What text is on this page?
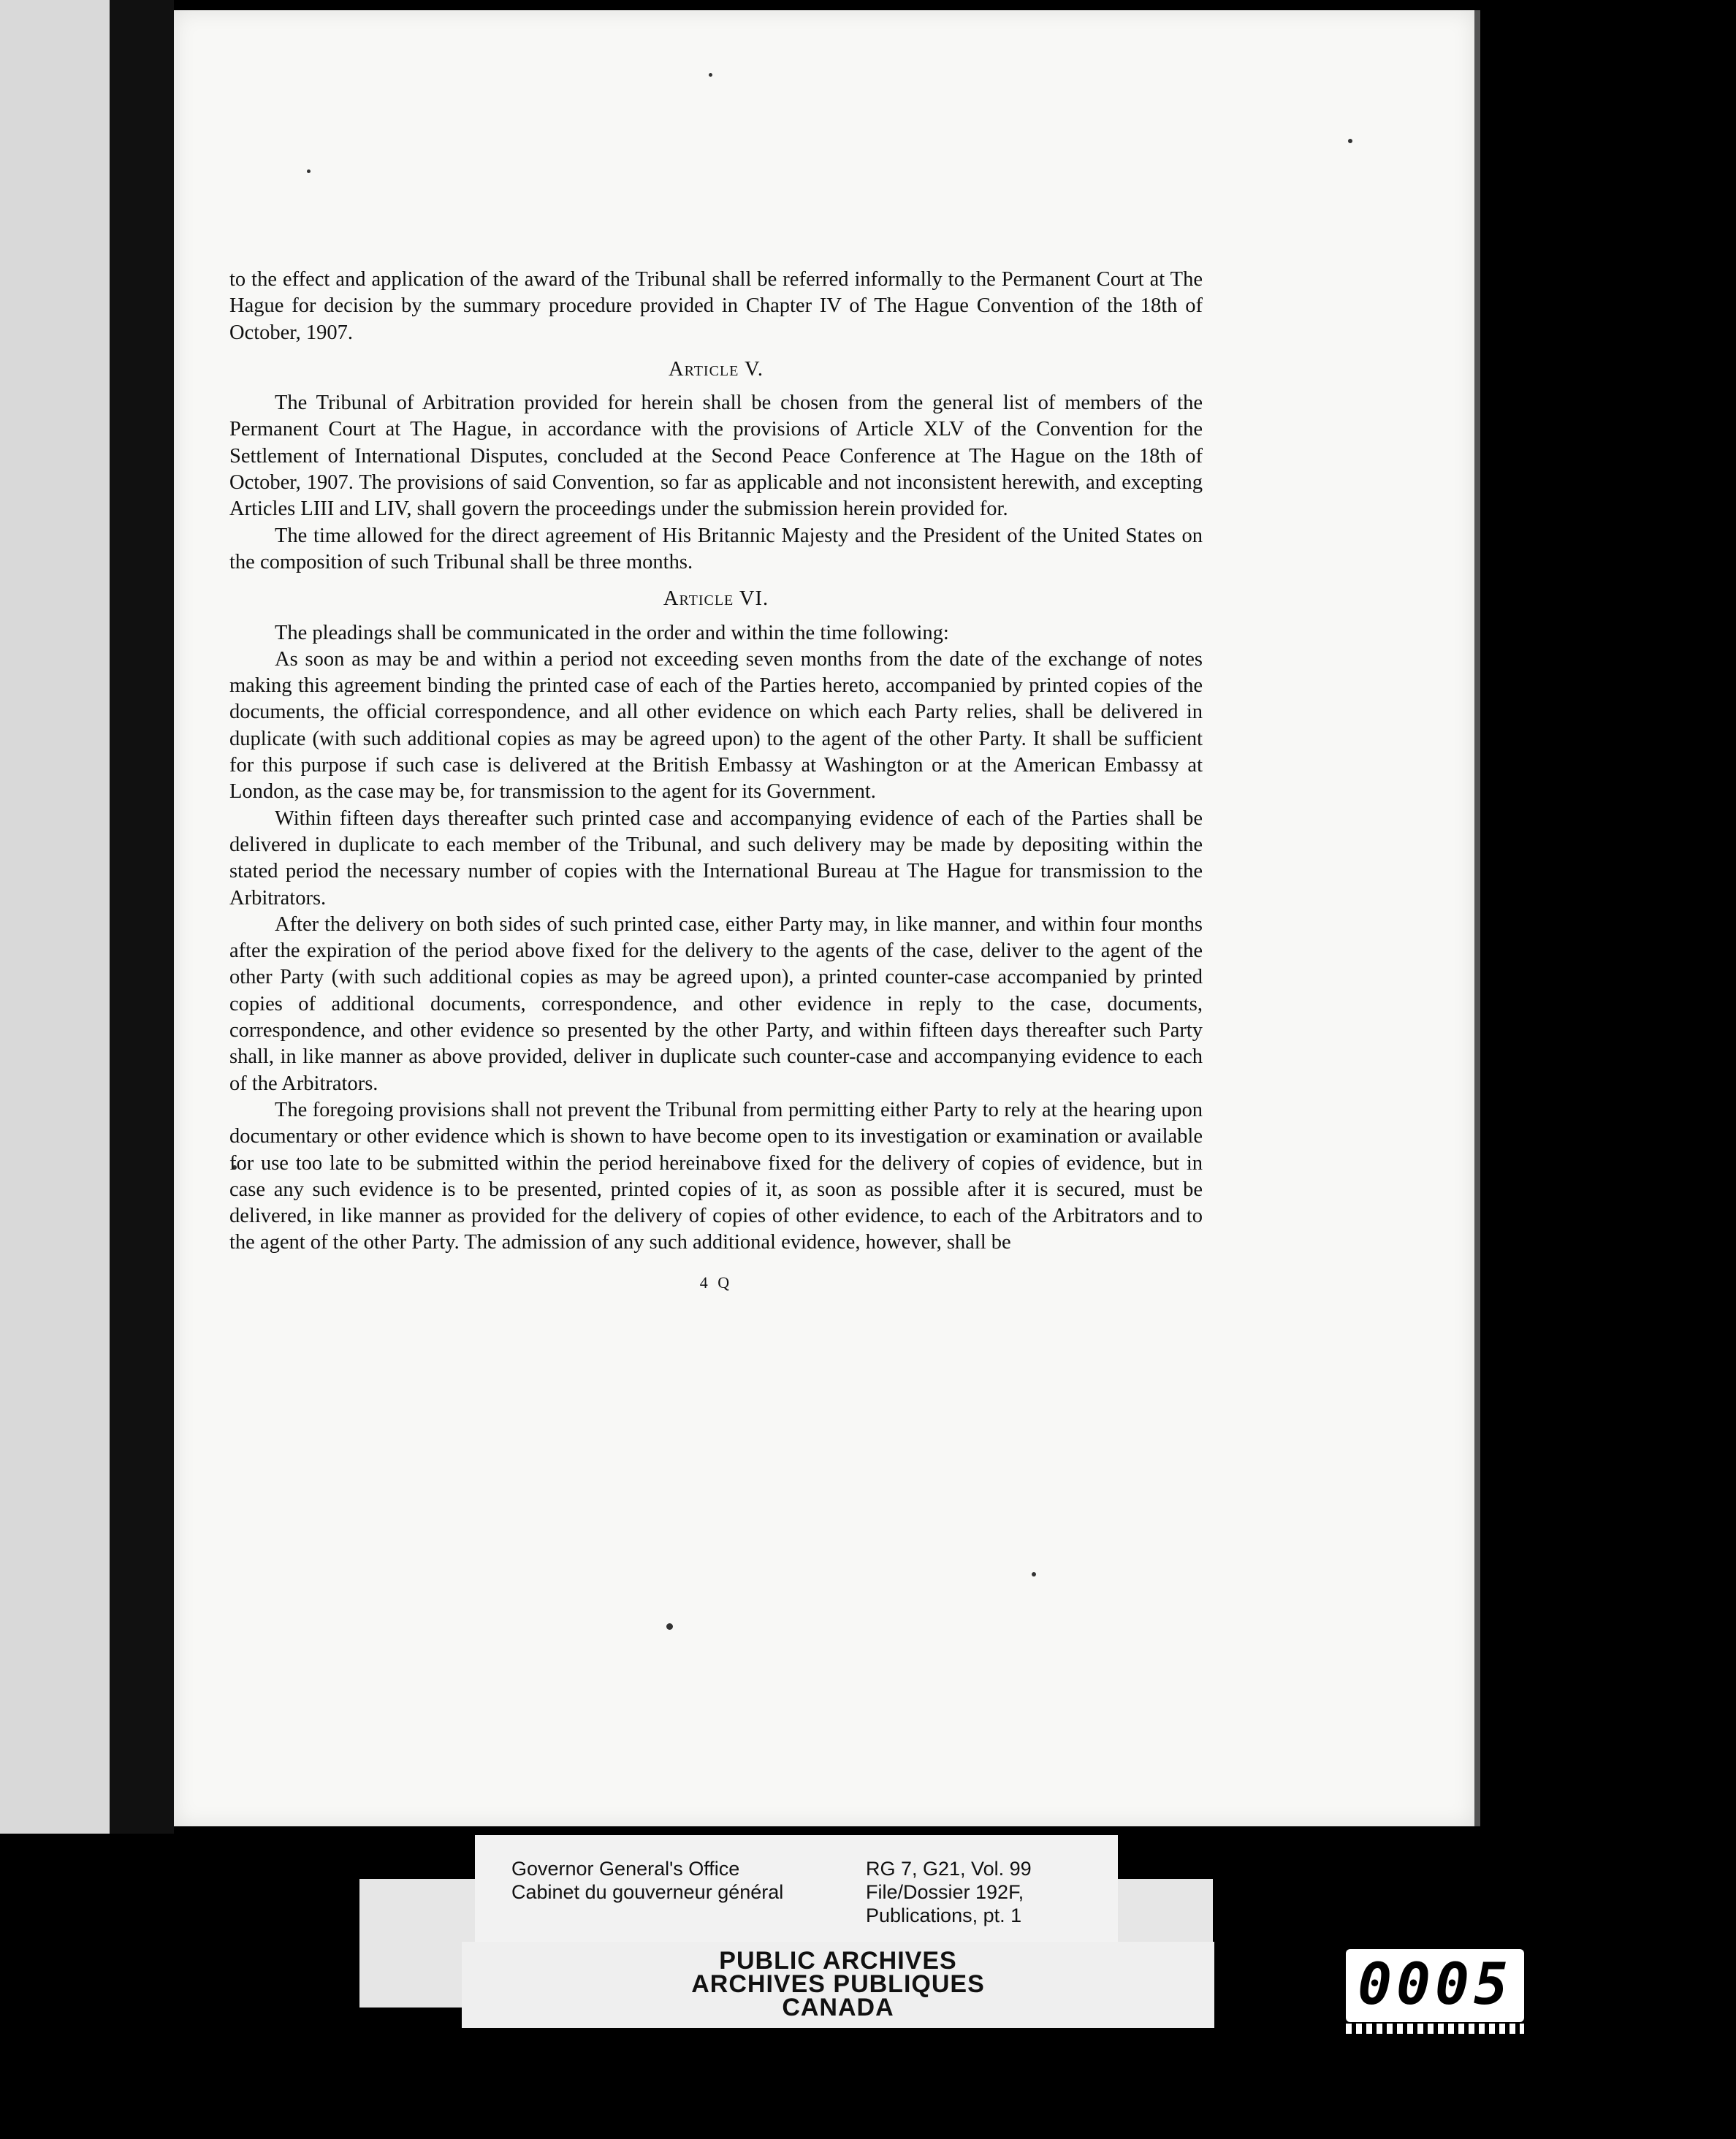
to the effect and application of the award of the Tribunal shall be referred informally to the Permanent Court at The Hague for decision by the summary procedure provided in Chapter IV of The Hague Convention of the 18th of October, 1907.

Article V.

The Tribunal of Arbitration provided for herein shall be chosen from the general list of members of the Permanent Court at The Hague, in accordance with the provisions of Article XLV of the Convention for the Settlement of International Disputes, concluded at the Second Peace Conference at The Hague on the 18th of October, 1907. The provisions of said Convention, so far as applicable and not inconsistent herewith, and excepting Articles LIII and LIV, shall govern the proceedings under the submission herein provided for.

The time allowed for the direct agreement of His Britannic Majesty and the President of the United States on the composition of such Tribunal shall be three months.

Article VI.

The pleadings shall be communicated in the order and within the time following:

As soon as may be and within a period not exceeding seven months from the date of the exchange of notes making this agreement binding the printed case of each of the Parties hereto, accompanied by printed copies of the documents, the official correspondence, and all other evidence on which each Party relies, shall be delivered in duplicate (with such additional copies as may be agreed upon) to the agent of the other Party. It shall be sufficient for this purpose if such case is delivered at the British Embassy at Washington or at the American Embassy at London, as the case may be, for transmission to the agent for its Government.

Within fifteen days thereafter such printed case and accompanying evidence of each of the Parties shall be delivered in duplicate to each member of the Tribunal, and such delivery may be made by depositing within the stated period the necessary number of copies with the International Bureau at The Hague for transmission to the Arbitrators.

After the delivery on both sides of such printed case, either Party may, in like manner, and within four months after the expiration of the period above fixed for the delivery to the agents of the case, deliver to the agent of the other Party (with such additional copies as may be agreed upon), a printed counter-case accompanied by printed copies of additional documents, correspondence, and other evidence in reply to the case, documents, correspondence, and other evidence so presented by the other Party, and within fifteen days thereafter such Party shall, in like manner as above provided, deliver in duplicate such counter-case and accompanying evidence to each of the Arbitrators.

The foregoing provisions shall not prevent the Tribunal from permitting either Party to rely at the hearing upon documentary or other evidence which is shown to have become open to its investigation or examination or available for use too late to be submitted within the period hereinabove fixed for the delivery of copies of evidence, but in case any such evidence is to be presented, printed copies of it, as soon as possible after it is secured, must be delivered, in like manner as provided for the delivery of copies of other evidence, to each of the Arbitrators and to the agent of the other Party. The admission of any such additional evidence, however, shall be

4 Q
Governor General's Office
Cabinet du gouverneur général
RG 7, G21, Vol. 99
File/Dossier 192F,
Publications, pt. 1
PUBLIC ARCHIVES
ARCHIVES PUBLIQUES
CANADA	0005
